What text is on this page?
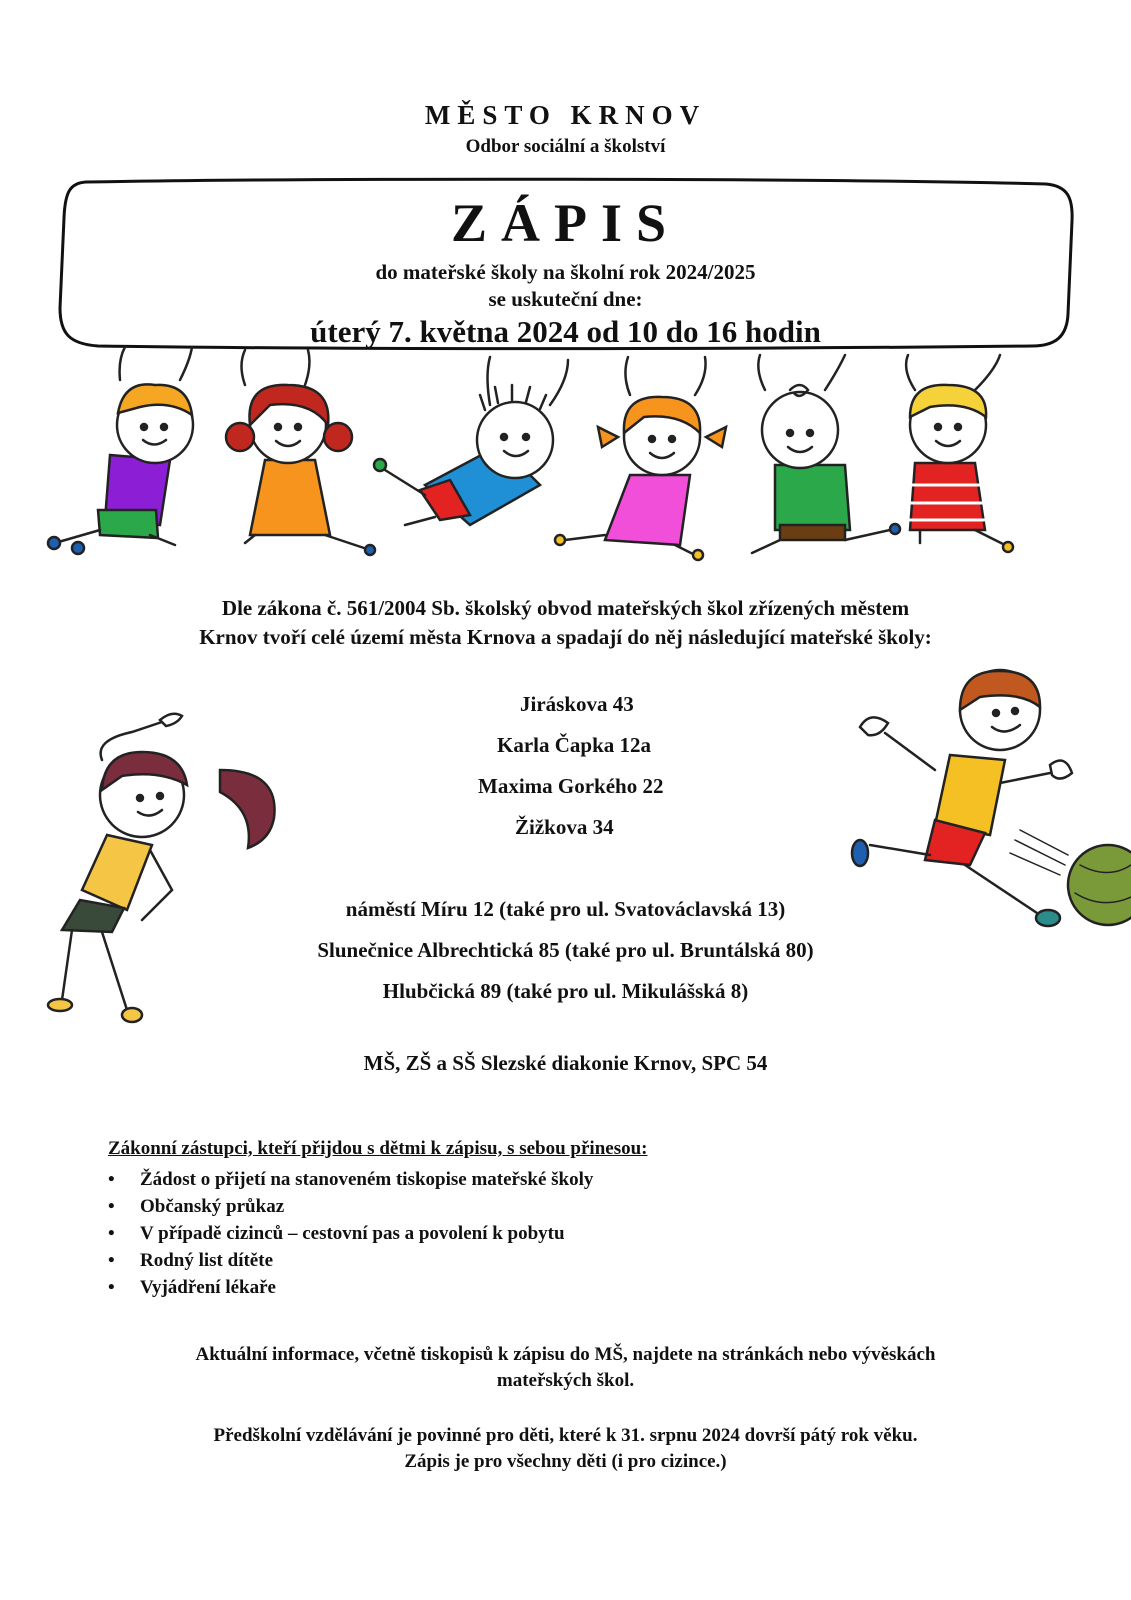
MĚSTO KRNOV
Odbor sociální a školství
ZÁPIS
do mateřské školy na školní rok 2024/2025
se uskuteční dne:
úterý 7. května 2024 od 10 do 16 hodin
Dle zákona č. 561/2004 Sb. školský obvod mateřských škol zřízených městem
Krnov tvoří celé území města Krnova a spadají do něj následující mateřské školy:
Jiráskova 43
Karla Čapka 12a
Maxima Gorkého 22
Žižkova 34
náměstí Míru 12 (také pro ul. Svatováclavská 13)
Slunečnice Albrechtická 85 (také pro ul. Bruntálská 80)
Hlubčická 89 (také pro ul. Mikulášská 8)
MŠ, ZŠ a SŠ Slezské diakonie Krnov, SPC 54
Zákonní zástupci, kteří přijdou s dětmi k zápisu, s sebou přinesou:
• Žádost o přijetí na stanoveném tiskopise mateřské školy
• Občanský průkaz
• V případě cizinců – cestovní pas a povolení k pobytu
• Rodný list dítěte
• Vyjádření lékaře
Aktuální informace, včetně tiskopisů k zápisu do MŠ, najdete na stránkách nebo vývěskách
mateřských škol.
Předškolní vzdělávání je povinné pro děti, které k 31. srpnu 2024 dovrší pátý rok věku.
Zápis je pro všechny děti (i pro cizince.)
